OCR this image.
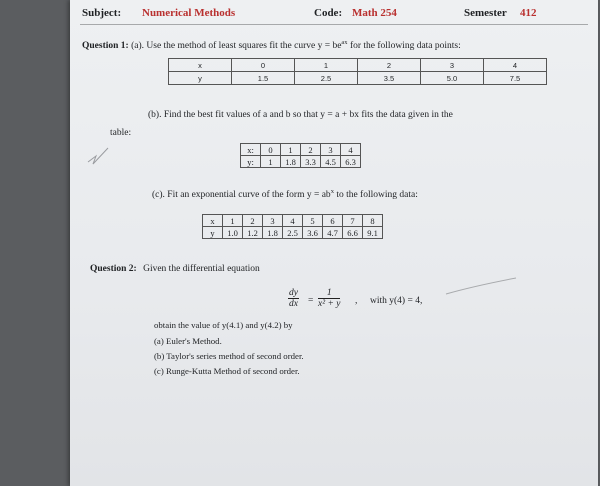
Subject: Numerical Methods	Code: Math 254	Semester 412
Question 1: (a). Use the method of least squares fit the curve $y = be^{ax}$ for the following data points:
x	0	1	2	3	4
y	1.5	2.5	3.5	5.0	7.5
(b). Find the best fit values of a and b so that y = a + bx fits the data given in the
table:
x:	0	1	2	3	4
y:	1	1.8	3.3	4.5	6.3
(c). Fit an exponential curve of the form $y = ab^x$ to the following data:
x	1	2	3	4	5	6	7	8
y	1.0	1.2	1.8	2.5	3.6	4.7	6.6	9.1
Question 2: Given the differential equation
$\frac{dy}{dx} = \frac{1}{\text{x² + y}}$ , with y(4) = 4,
obtain the value of y(4.1) and y(4.2) by
(a) Euler's Method.
(b) Taylor's series method of second order.
(c) Runge-Kutta Method of second order.
